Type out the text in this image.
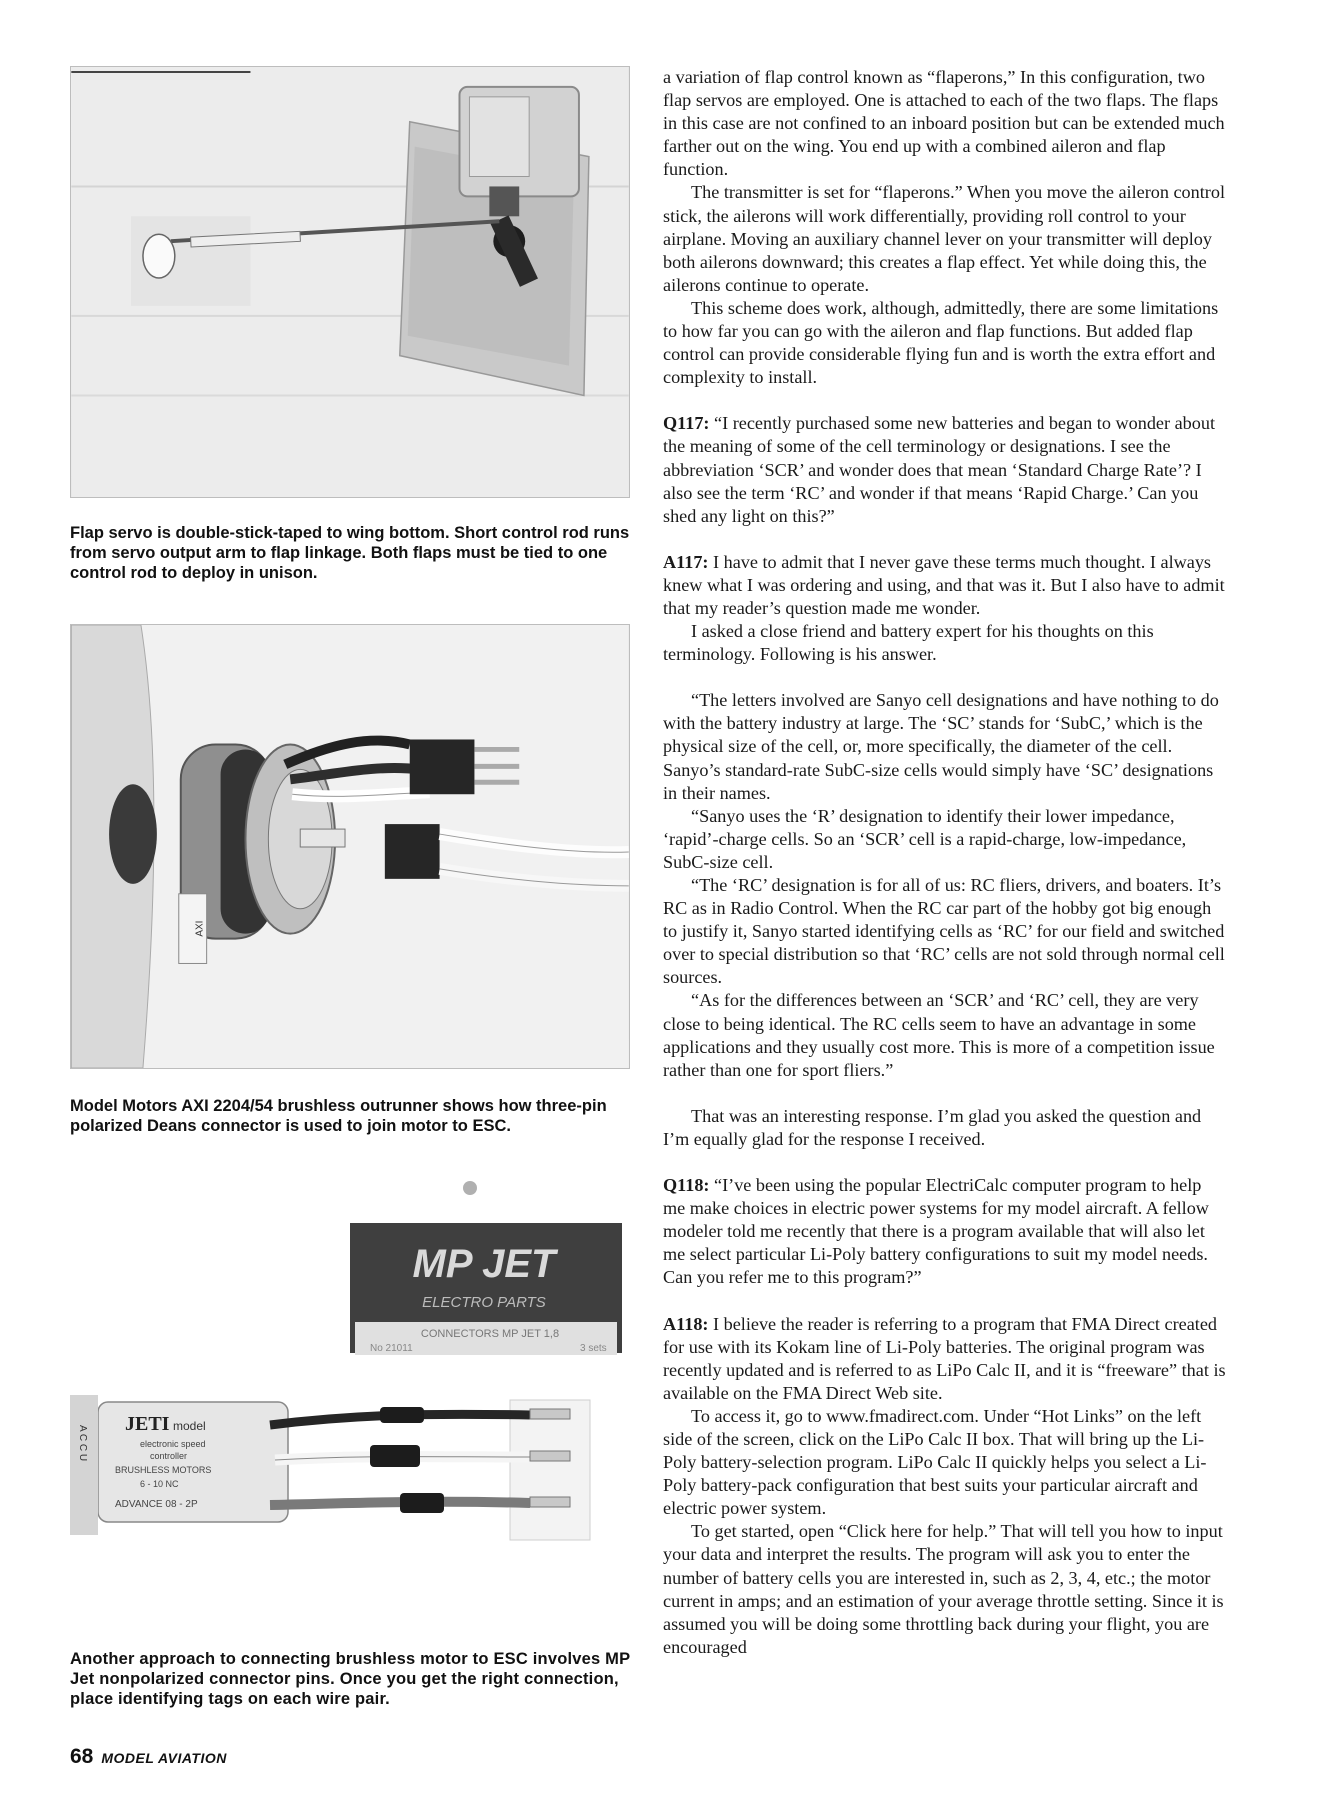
Flap servo is double-stick-taped to wing bottom. Short control rod runs from servo output arm to flap linkage. Both flaps must be tied to one control rod to deploy in unison.
AXI
Model Motors AXI 2204/54 brushless outrunner shows how three-pin polarized Deans connector is used to join motor to ESC.
MP JET
ELECTRO PARTS
CONNECTORS MP JET 1,8
No 21011	3 sets
A C C U
JETI model
electronic speed
controller
BRUSHLESS MOTORS
6 - 10 NC
ADVANCE 08 - 2P
Another approach to connecting brushless motor to ESC involves MP Jet nonpolarized connector pins. Once you get the right connection, place identifying tags on each wire pair.

a variation of flap control known as “flaperons,” In this configuration, two flap servos are employed. One is attached to each of the two flaps. The flaps in this case are not confined to an inboard position but can be extended much farther out on the wing. You end up with a combined aileron and flap function.

The transmitter is set for “flaperons.” When you move the aileron control stick, the ailerons will work differentially, providing roll control to your airplane. Moving an auxiliary channel lever on your transmitter will deploy both ailerons downward; this creates a flap effect. Yet while doing this, the ailerons continue to operate.

This scheme does work, although, admittedly, there are some limitations to how far you can go with the aileron and flap functions. But added flap control can provide considerable flying fun and is worth the extra effort and complexity to install.

Q117: “I recently purchased some new batteries and began to wonder about the meaning of some of the cell terminology or designations. I see the abbreviation ‘SCR’ and wonder does that mean ‘Standard Charge Rate’? I also see the term ‘RC’ and wonder if that means ‘Rapid Charge.’ Can you shed any light on this?”

A117: I have to admit that I never gave these terms much thought. I always knew what I was ordering and using, and that was it. But I also have to admit that my reader’s question made me wonder.

I asked a close friend and battery expert for his thoughts on this terminology. Following is his answer.

“The letters involved are Sanyo cell designations and have nothing to do with the battery industry at large. The ‘SC’ stands for ‘SubC,’ which is the physical size of the cell, or, more specifically, the diameter of the cell. Sanyo’s standard-rate SubC-size cells would simply have ‘SC’ designations in their names.

“Sanyo uses the ‘R’ designation to identify their lower impedance, ‘rapid’-charge cells. So an ‘SCR’ cell is a rapid-charge, low-impedance, SubC-size cell.

“The ‘RC’ designation is for all of us: RC fliers, drivers, and boaters. It’s RC as in Radio Control. When the RC car part of the hobby got big enough to justify it, Sanyo started identifying cells as ‘RC’ for our field and switched over to special distribution so that ‘RC’ cells are not sold through normal cell sources.

“As for the differences between an ‘SCR’ and ‘RC’ cell, they are very close to being identical. The RC cells seem to have an advantage in some applications and they usually cost more. This is more of a competition issue rather than one for sport fliers.”

That was an interesting response. I’m glad you asked the question and I’m equally glad for the response I received.

Q118: “I’ve been using the popular ElectriCalc computer program to help me make choices in electric power systems for my model aircraft. A fellow modeler told me recently that there is a program available that will also let me select particular Li-Poly battery configurations to suit my model needs. Can you refer me to this program?”

A118: I believe the reader is referring to a program that FMA Direct created for use with its Kokam line of Li-Poly batteries. The original program was recently updated and is referred to as LiPo Calc II, and it is “freeware” that is available on the FMA Direct Web site.

To access it, go to www.fmadirect.com. Under “Hot Links” on the left side of the screen, click on the LiPo Calc II box. That will bring up the Li-Poly battery-selection program. LiPo Calc II quickly helps you select a Li-Poly battery-pack configuration that best suits your particular aircraft and electric power system.

To get started, open “Click here for help.” That will tell you how to input your data and interpret the results. The program will ask you to enter the number of battery cells you are interested in, such as 2, 3, 4, etc.; the motor current in amps; and an estimation of your average throttle setting. Since it is assumed you will be doing some throttling back during your flight, you are encouraged

68 MODEL AVIATION
